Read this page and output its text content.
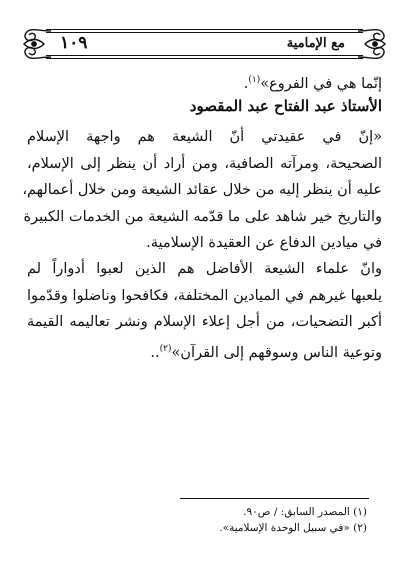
١٠٩	مع الإمامية
إنّما هي في الفروع»$^{(١)}$.
الأستاذ عبد الفتاح عبد المقصود
«إنّ في عقيدتي أنّ الشيعة هم واجهة الإسلام
الصحيحة، ومرآته الصافية، ومن أراد أن ينظر إلى الإسلام،
عليه أن ينظر إليه من خلال عقائد الشيعة ومن خلال أعمالهم،
والتاريخ خير شاهد على ما قدّمه الشيعة من الخدمات الكبيرة
في ميادين الدفاع عن العقيدة الإسلامية.
وانّ علماء الشيعة الأفاضل هم الذين لعبوا أدواراً لم
يلعبها غيرهم في الميادين المختلفة، فكافحوا وناضلوا وقدّموا
أكبر التضحيات، من أجل إعلاء الإسلام ونشر تعاليمه القيمة
وتوعية الناس وسوقهم إلى القرآن»$^{(٢)}$..
(١) المصدر السابق: / ص٩٠.
(٢) «في سبيل الوحدة الإسلامية».
